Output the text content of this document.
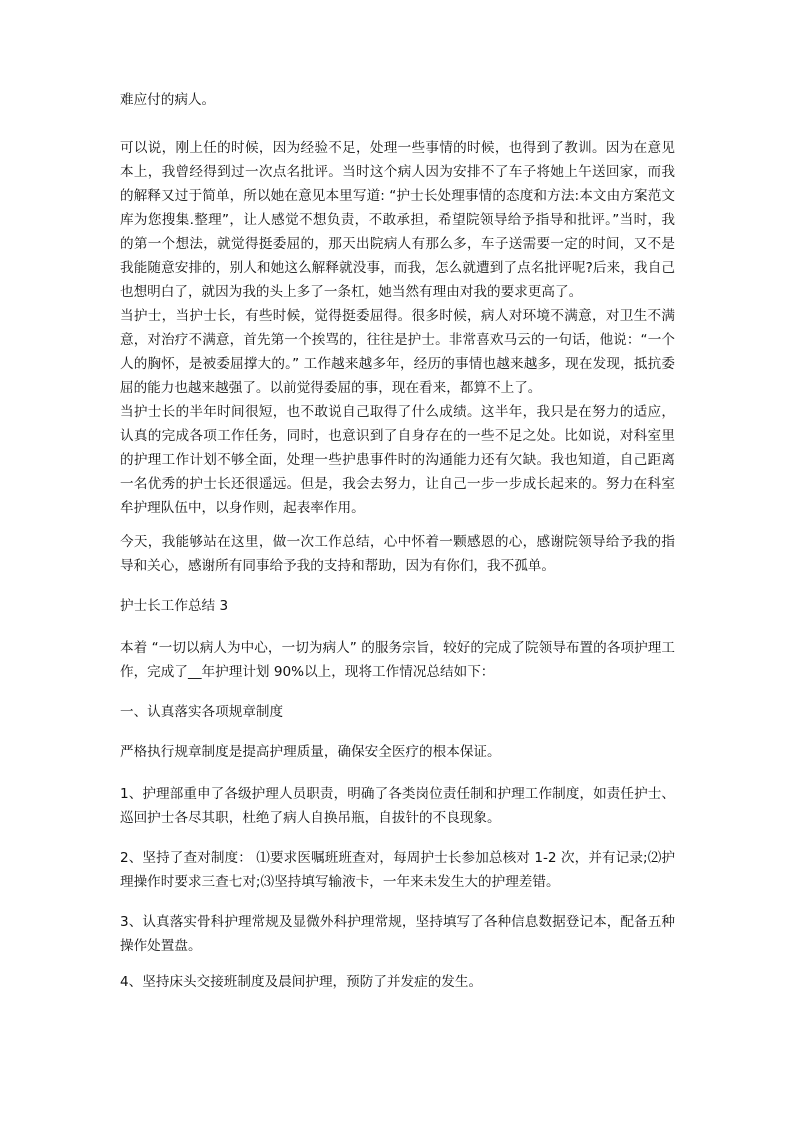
难应付的病人。

可以说，刚上任的时候，因为经验不足，处理一些事情的时候，也得到了教训。因为在意见本上，我曾经得到过一次点名批评。当时这个病人因为安排不了车子将她上午送回家，而我的解释又过于简单，所以她在意见本里写道: “护士长处理事情的态度和方法:本文由方案范文库为您搜集.整理”，让人感觉不想负责，不敢承担，希望院领导给予指导和批评。”当时，我的第一个想法，就觉得挺委屈的，那天出院病人有那么多，车子送需要一定的时间，又不是我能随意安排的，别人和她这么解释就没事，而我，怎么就遭到了点名批评呢?后来，我自己也想明白了，就因为我的头上多了一条杠，她当然有理由对我的要求更高了。

当护士，当护士长，有些时候，觉得挺委屈得。很多时候，病人对环境不满意，对卫生不满意，对治疗不满意，首先第一个挨骂的，往往是护士。非常喜欢马云的一句话，他说：“一个人的胸怀，是被委屈撑大的。” 工作越来越多年，经历的事情也越来越多，现在发现，抵抗委屈的能力也越来越强了。以前觉得委屈的事，现在看来，都算不上了。

当护士长的半年时间很短，也不敢说自己取得了什么成绩。这半年，我只是在努力的适应，认真的完成各项工作任务，同时，也意识到了自身存在的一些不足之处。比如说，对科室里的护理工作计划不够全面，处理一些护患事件时的沟通能力还有欠缺。我也知道，自己距离一名优秀的护士长还很遥远。但是，我会去努力，让自己一步一步成长起来的。努力在科室牟护理队伍中，以身作则，起表率作用。

今天，我能够站在这里，做一次工作总结，心中怀着一颗感恩的心，感谢院领导给予我的指导和关心，感谢所有同事给予我的支持和帮助，因为有你们，我不孤单。

护士长工作总结 3

本着 “一切以病人为中心，一切为病人” 的服务宗旨，较好的完成了院领导布置的各项护理工作，完成了__年护理计划 90%以上，现将工作情况总结如下：

一、认真落实各项规章制度

严格执行规章制度是提高护理质量，确保安全医疗的根本保证。

1、护理部重申了各级护理人员职责，明确了各类岗位责任制和护理工作制度，如责任护士、巡回护士各尽其职，杜绝了病人自换吊瓶，自拔针的不良现象。

2、坚持了查对制度： ⑴要求医嘱班班查对，每周护士长参加总核对 1-2 次，并有记录;⑵护理操作时要求三查七对;⑶坚持填写输液卡，一年来未发生大的护理差错。

3、认真落实骨科护理常规及显微外科护理常规，坚持填写了各种信息数据登记本，配备五种操作处置盘。

4、坚持床头交接班制度及晨间护理，预防了并发症的发生。
